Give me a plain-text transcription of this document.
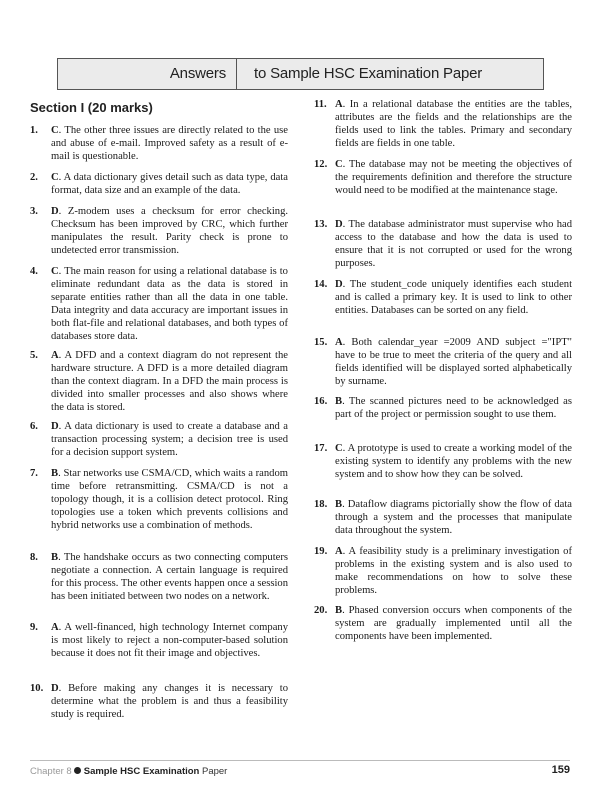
Answers to Sample HSC Examination Paper
Section I (20 marks)
1.	C. The other three issues are directly related to the use and abuse of e-mail. Improved safety as a result of e-mail is questionable.
2.	C. A data dictionary gives detail such as data type, data format, data size and an example of the data.
3.	D. Z-modem uses a checksum for error checking. Checksum has been improved by CRC, which further manipulates the result. Parity check is prone to undetected error transmission.
4.	C. The main reason for using a relational database is to eliminate redundant data as the data is stored in separate entities rather than all the data in one table. Data integrity and data accuracy are important issues in both flat-file and relational databases, and both types of databases store data.
5.	A. A DFD and a context diagram do not represent the hardware structure. A DFD is a more detailed diagram than the context diagram. In a DFD the main process is divided into smaller processes and also shows where the data is stored.
6.	D. A data dictionary is used to create a database and a transaction processing system; a decision tree is used for a decision support system.
7.	B. Star networks use CSMA/CD, which waits a random time before retransmitting. CSMA/CD is not a topology though, it is a collision detect protocol. Ring topologies use a token which prevents collisions and hybrid networks use a combination of methods.
8.	B. The handshake occurs as two connecting computers negotiate a connection. A certain language is required for this process. The other events happen once a session has been initiated between two nodes on a network.
9.	A. A well-financed, high technology Internet company is most likely to reject a non-computer-based solution because it does not fit their image and objectives.
10. D. Before making any changes it is necessary to determine what the problem is and thus a feasibility study is required.
11. A. In a relational database the entities are the tables, attributes are the fields and the relationships are the fields used to link the tables. Primary and secondary fields are fields in one table.
12. C. The database may not be meeting the objectives of the requirements definition and therefore the structure would need to be modified at the maintenance stage.
13. D. The database administrator must supervise who had access to the database and how the data is used to ensure that it is not corrupted or used for the wrong purposes.
14. D. The student_code uniquely identifies each student and is called a primary key. It is used to link to other entities. Databases can be sorted on any field.
15. A. Both calendar_year =2009 AND subject ="IPT" have to be true to meet the criteria of the query and all fields identified will be displayed sorted alphabetically by surname.
16. B. The scanned pictures need to be acknowledged as part of the project or permission sought to use them.
17. C. A prototype is used to create a working model of the existing system to identify any problems with the new system and to show how they can be solved.
18. B. Dataflow diagrams pictorially show the flow of data through a system and the processes that manipulate data throughout the system.
19. A. A feasibility study is a preliminary investigation of problems in the existing system and is also used to make recommendations on how to solve these problems.
20. B. Phased conversion occurs when components of the system are gradually implemented until all the components have been implemented.
Chapter 8 Sample HSC Examination Paper	159
